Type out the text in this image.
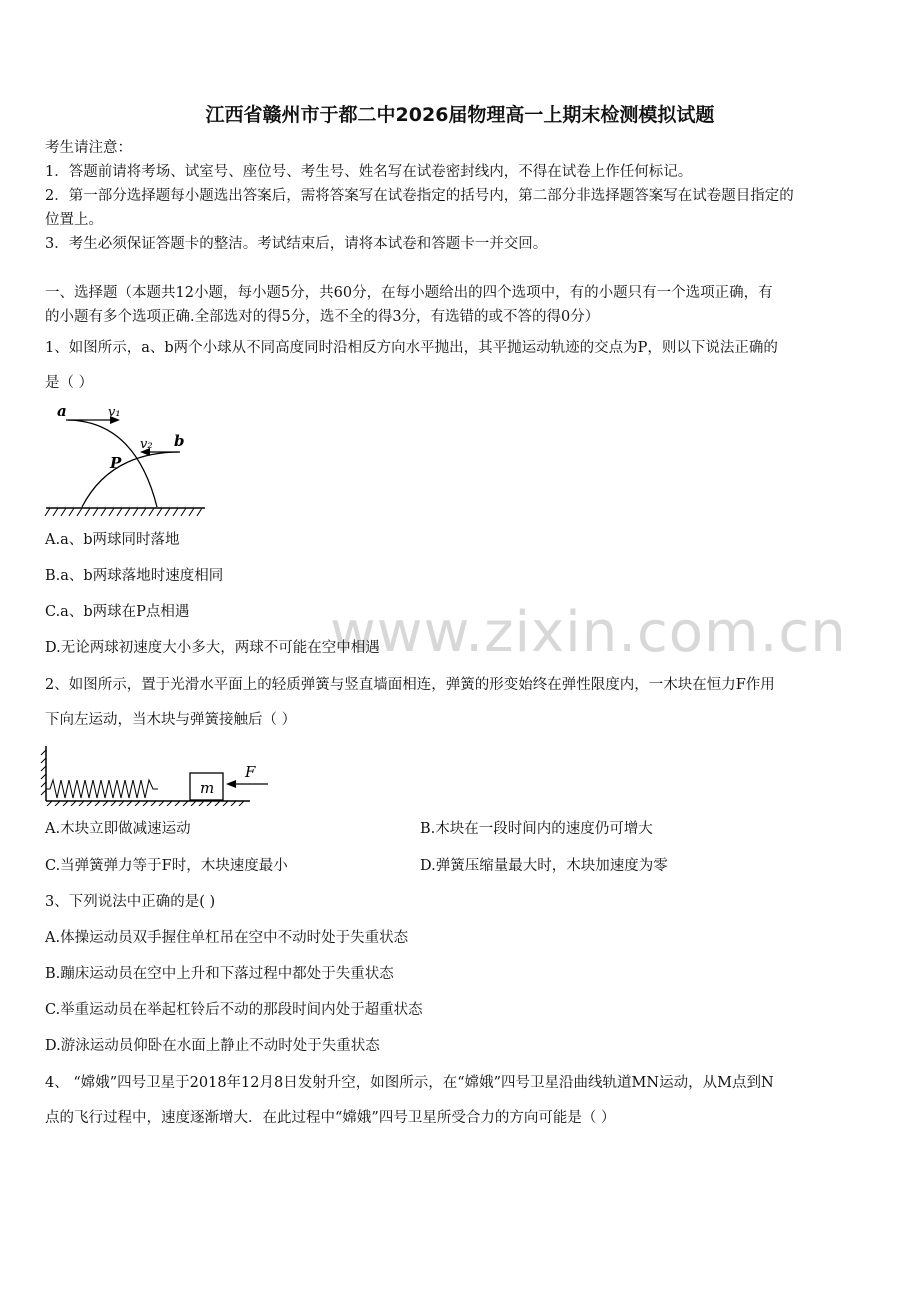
www.zixin.com.cn
江西省赣州市于都二中2026届物理高一上期末检测模拟试题
考生请注意：
1．答题前请将考场、试室号、座位号、考生号、姓名写在试卷密封线内，不得在试卷上作任何标记。
2．第一部分选择题每小题选出答案后，需将答案写在试卷指定的括号内，第二部分非选择题答案写在试卷题目指定的
位置上。
3．考生必须保证答题卡的整洁。考试结束后，请将本试卷和答题卡一并交回。
一、选择题（本题共12小题，每小题5分，共60分，在每小题给出的四个选项中，有的小题只有一个选项正确，有
的小题有多个选项正确.全部选对的得5分，选不全的得3分，有选错的或不答的得0分）
1、如图所示，a、b两个小球从不同高度同时沿相反方向水平抛出，其平抛运动轨迹的交点为P，则以下说法正确的
是（ ）
a	v₁
v₂ b
P
A.a、b两球同时落地
B.a、b两球落地时速度相同
C.a、b两球在P点相遇
D.无论两球初速度大小多大，两球不可能在空中相遇
2、如图所示，置于光滑水平面上的轻质弹簧与竖直墙面相连，弹簧的形变始终在弹性限度内，一木块在恒力F作用
下向左运动，当木块与弹簧接触后（ ）
m
F
A.木块立即做减速运动	B.木块在一段时间内的速度仍可增大
C.当弹簧弹力等于F时，木块速度最小	D.弹簧压缩量最大时，木块加速度为零
3、下列说法中正确的是( )
A.体操运动员双手握住单杠吊在空中不动时处于失重状态
B.蹦床运动员在空中上升和下落过程中都处于失重状态
C.举重运动员在举起杠铃后不动的那段时间内处于超重状态
D.游泳运动员仰卧在水面上静止不动时处于失重状态
4、 “嫦娥”四号卫星于2018年12月8日发射升空，如图所示，在“嫦娥”四号卫星沿曲线轨道MN运动，从M点到N
点的飞行过程中，速度逐渐增大．在此过程中“嫦娥”四号卫星所受合力的方向可能是（ ）
